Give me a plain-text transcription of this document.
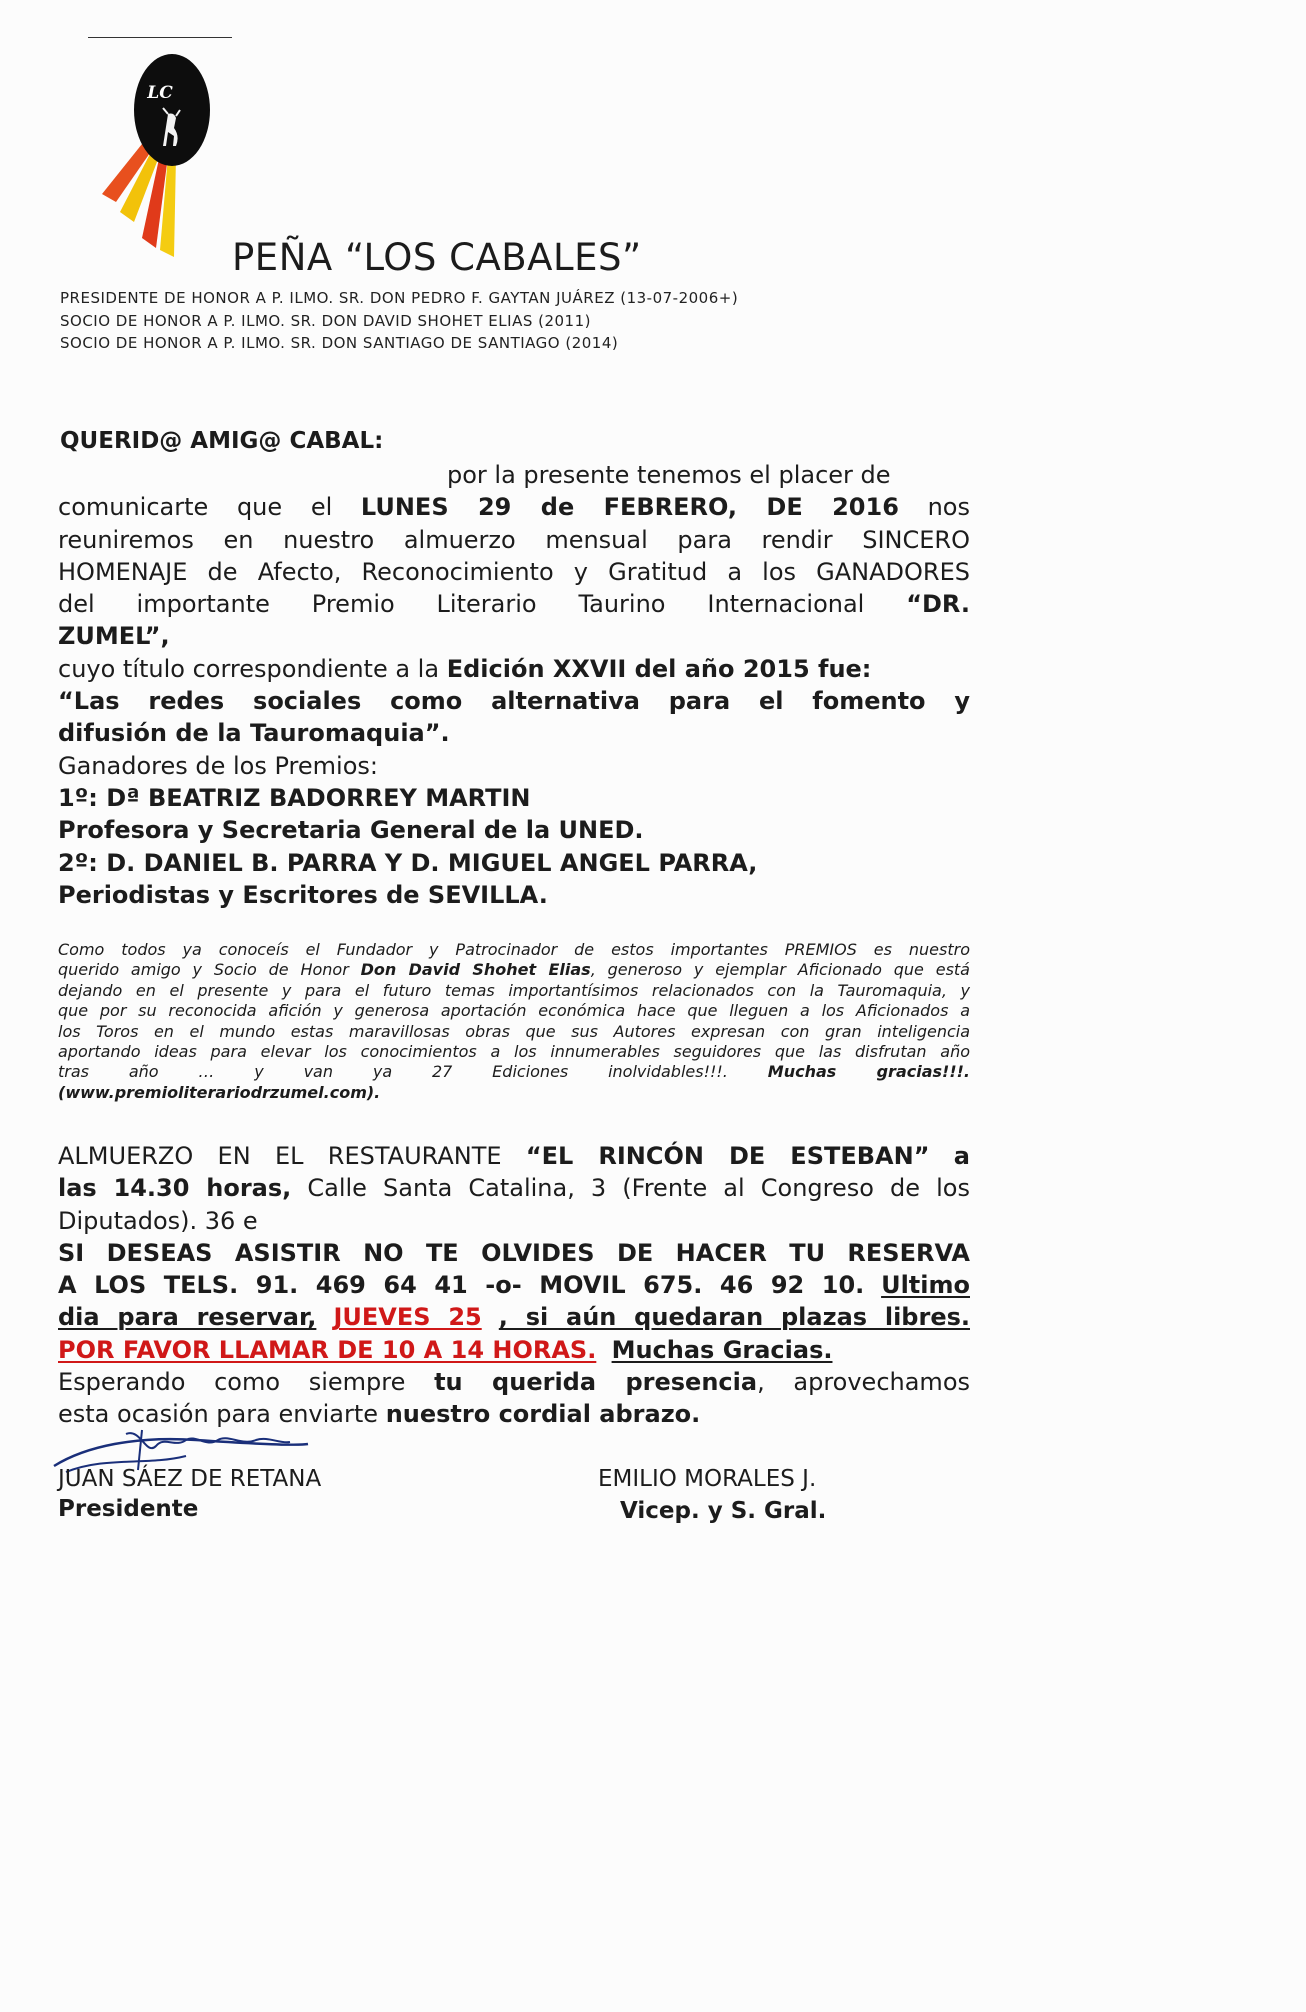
LC
PEÑA “LOS CABALES”
PRESIDENTE DE HONOR A P. ILMO. SR. DON PEDRO F. GAYTAN JUÁREZ (13-07-2006+)
SOCIO DE HONOR A P. ILMO. SR. DON DAVID SHOHET ELIAS (2011)
SOCIO DE HONOR A P. ILMO. SR. DON SANTIAGO DE SANTIAGO (2014)
QUERID@ AMIG@ CABAL:
por la presente tenemos el placer de
comunicarte que el LUNES 29 de FEBRERO, DE 2016 nos
reuniremos en nuestro almuerzo mensual para rendir SINCERO
HOMENAJE de Afecto, Reconocimiento y Gratitud a los GANADORES
del importante Premio Literario Taurino Internacional “DR.
ZUMEL”,
cuyo título correspondiente a la Edición XXVII del año 2015 fue:
“Las redes sociales como alternativa para el fomento y
difusión de la Tauromaquia”.
Ganadores de los Premios:
1º: Dª BEATRIZ BADORREY MARTIN
Profesora y Secretaria General de la UNED.
2º: D. DANIEL B. PARRA Y D. MIGUEL ANGEL PARRA,
Periodistas y Escritores de SEVILLA.
Como todos ya conoceís el Fundador y Patrocinador de estos importantes PREMIOS es nuestro
querido amigo y Socio de Honor Don David Shohet Elias, generoso y ejemplar Aficionado que está
dejando en el presente y para el futuro temas importantísimos relacionados con la Tauromaquia, y
que por su reconocida afición y generosa aportación económica hace que lleguen a los Aficionados a
los Toros en el mundo estas maravillosas obras que sus Autores expresan con gran inteligencia
aportando ideas para elevar los conocimientos a los innumerables seguidores que las disfrutan año
tras año … y van ya 27 Ediciones inolvidables!!!. Muchas gracias!!!.
(www.premioliterariodrzumel.com).
ALMUERZO EN EL RESTAURANTE “EL RINCÓN DE ESTEBAN” a
las 14.30 horas, Calle Santa Catalina, 3 (Frente al Congreso de los
Diputados). 36 e
SI DESEAS ASISTIR NO TE OLVIDES DE HACER TU RESERVA
A LOS TELS. 91. 469 64 41 -o- MOVIL 675. 46 92 10. Ultimo
dia para reservar, JUEVES 25 , si aún quedaran plazas libres.
POR FAVOR LLAMAR DE 10 A 14 HORAS. Muchas Gracias.
Esperando como siempre tu querida presencia, aprovechamos
esta ocasión para enviarte nuestro cordial abrazo.
JUAN SÁEZ DE RETANA
Presidente
EMILIO MORALES J.
Vicep. y S. Gral.
